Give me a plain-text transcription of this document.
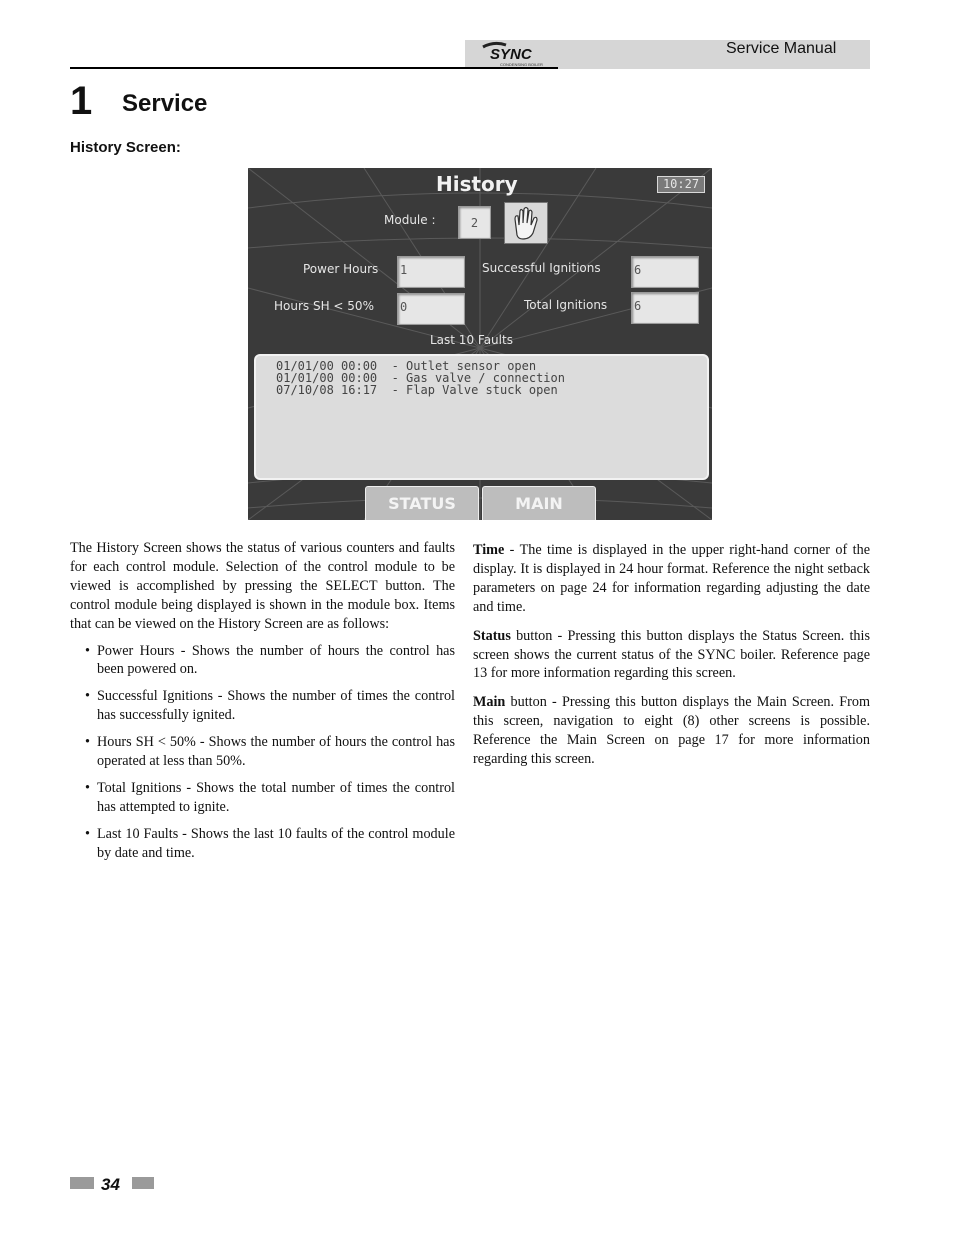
SYNC
CONDENSING BOILER
Service Manual
1 Service
History Screen:
History	10:27
Module :	2
Power Hours 1	Successful Ignitions	6
Hours SH < 50% 0	Total Ignitions 6
Last 10 Faults
01/01/00 00:00  - Outlet sensor open
01/01/00 00:00  - Gas valve / connection
07/10/08 16:17  - Flap Valve stuck open
STATUS	MAIN

The History Screen shows the status of various counters and faults for each control module. Selection of the control module to be viewed is accomplished by pressing the SELECT button. The control module being displayed is shown in the module box. Items that can be viewed on the History Screen are as follows:

• Power Hours - Shows the number of hours the control has been powered on.
• Successful Ignitions - Shows the number of times the control has successfully ignited.
• Hours SH < 50% - Shows the number of hours the control has operated at less than 50%.
• Total Ignitions - Shows the total number of times the control has attempted to ignite.
• Last 10 Faults - Shows the last 10 faults of the control module by date and time.

Time - The time is displayed in the upper right-hand corner of the display. It is displayed in 24 hour format. Reference the night setback parameters on page 24 for information regarding adjusting the date and time.

Status button - Pressing this button displays the Status Screen. this screen shows the current status of the SYNC boiler. Reference page 13 for more information regarding this screen.

Main button - Pressing this button displays the Main Screen. From this screen, navigation to eight (8) other screens is possible. Reference the Main Screen on page 17 for more information regarding this screen.

34
